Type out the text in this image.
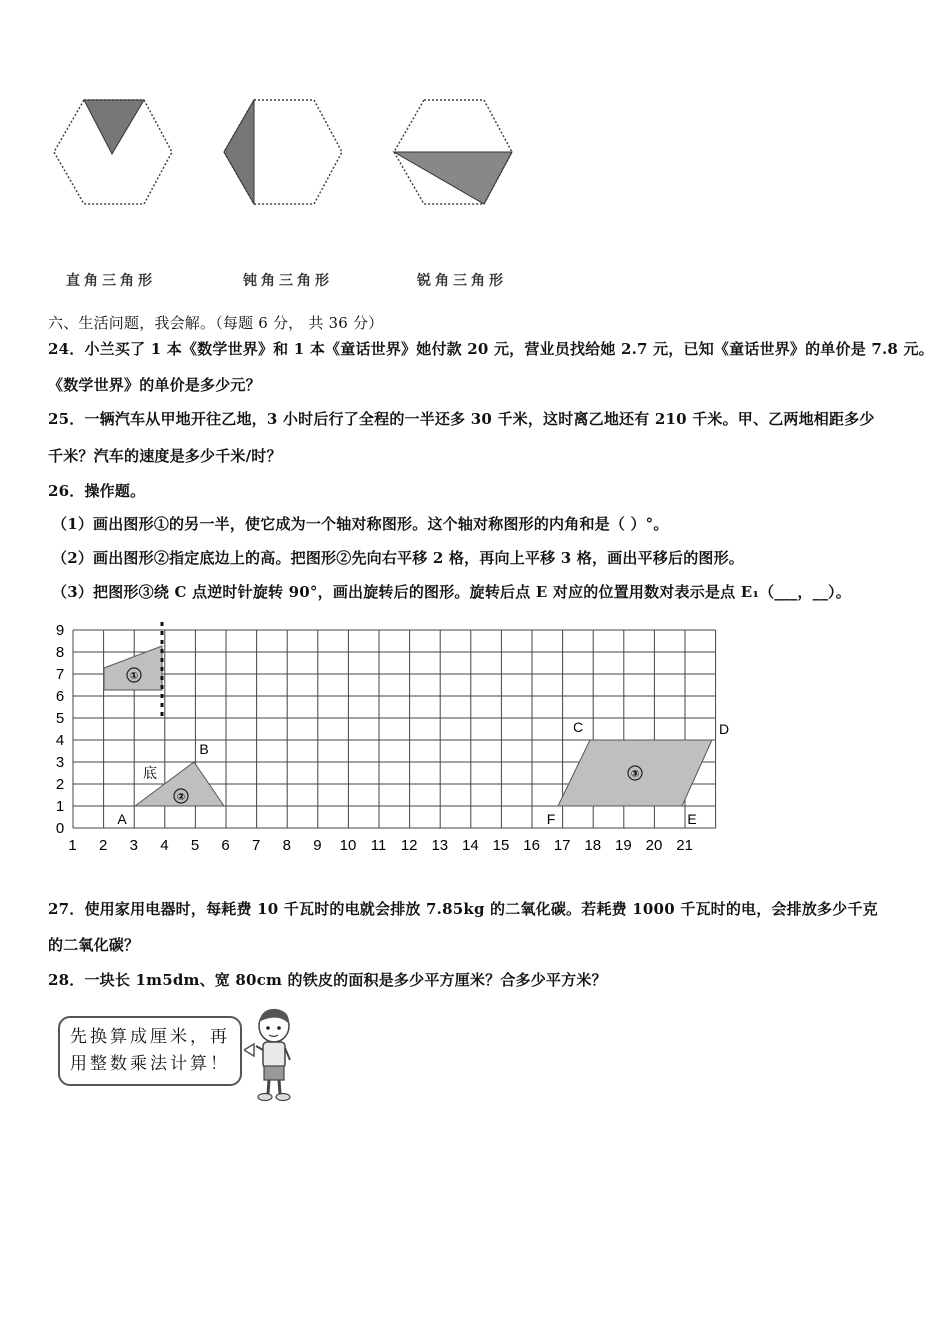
直角三角形	钝角三角形	锐角三角形
六、生活问题，我会解。（每题 6 分， 共 36 分）
24．小兰买了 1 本《数学世界》和 1 本《童话世界》她付款 20 元，营业员找给她 2.7 元，已知《童话世界》的单价是 7.8 元。
《数学世界》的单价是多少元？
25．一辆汽车从甲地开往乙地，3 小时后行了全程的一半还多 30 千米，这时离乙地还有 210 千米。甲、乙两地相距多少
千米？汽车的速度是多少千米/时？
26．操作题。
（1）画出图形①的另一半，使它成为一个轴对称图形。这个轴对称图形的内角和是（ ）°。
（2）画出图形②指定底边上的高。把图形②先向右平移 2 格，再向上平移 3 格，画出平移后的图形。
（3）把图形③绕 C 点逆时针旋转 90°，画出旋转后的图形。旋转后点 E 对应的位置用数对表示是点 E₁（___，__）。
1 2 3 4 5 6 7 8 9 10 11 12 13 14 15 16 17 18 19 20 21
0
1
2
3
4
5
6
7
8
9
①
②
底
A
B
③
C	D
E
F
27．使用家用电器时，每耗费 10 千瓦时的电就会排放 7.85kg 的二氧化碳。若耗费 1000 千瓦时的电，会排放多少千克
的二氧化碳？
28．一块长 1m5dm、宽 80cm 的铁皮的面积是多少平方厘米？合多少平方米？
先换算成厘米，再
用整数乘法计算！
